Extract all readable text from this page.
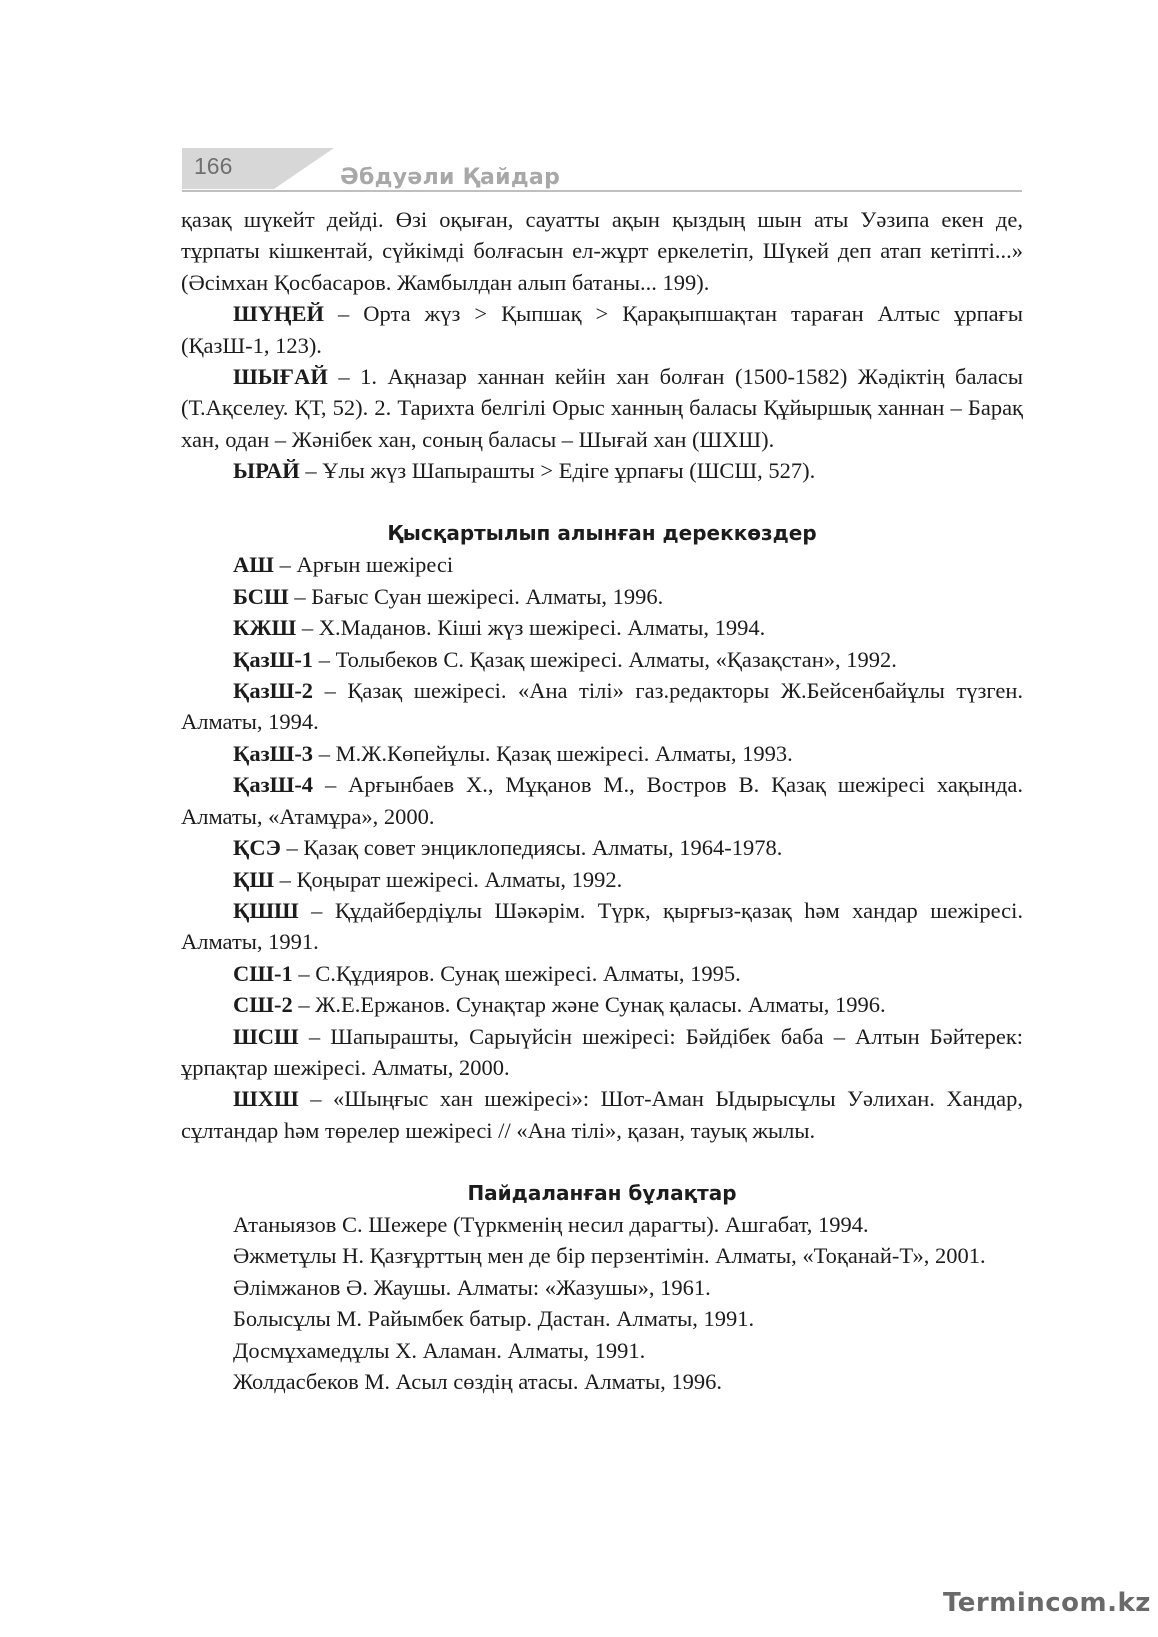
166	Әбдуәли Қайдар

қазақ шүкейт дейді. Өзі оқыған, сауатты ақын қыздың шын аты Уәзипа екен де, тұрпаты кішкентай, сүйкімді болғасын ел-жұрт еркелетіп, Шүкей деп атап кетіпті...» (Әсімхан Қосбасаров. Жамбылдан алып батаны... 199).

ШҮҢЕЙ – Орта жүз > Қыпшақ > Қарақыпшақтан тараған Алтыс ұрпағы (ҚазШ-1, 123).

ШЫҒАЙ – 1. Ақназар ханнан кейін хан болған (1500-1582) Жәдіктің баласы (Т.Ақселеу. ҚТ, 52). 2. Тарихта белгілі Орыс ханның баласы Құйыршық ханнан – Барақ хан, одан – Жәнібек хан, соның баласы – Шығай хан (ШХШ).

ЫРАЙ – Ұлы жүз Шапырашты > Едіге ұрпағы (ШСШ, 527).

Қысқартылып алынған дереккөздер

АШ – Арғын шежіресі

БСШ – Бағыс Суан шежіресі. Алматы, 1996.

КЖШ – Х.Маданов. Кіші жүз шежіресі. Алматы, 1994.

ҚазШ-1 – Толыбеков С. Қазақ шежіресі. Алматы, «Қазақстан», 1992.

ҚазШ-2 – Қазақ шежіресі. «Ана тілі» газ.редакторы Ж.Бейсенбайұлы түзген. Алматы, 1994.

ҚазШ-3 – М.Ж.Көпейұлы. Қазақ шежіресі. Алматы, 1993.

ҚазШ-4 – Арғынбаев Х., Мұқанов М., Востров В. Қазақ шежіресі хақында. Алматы, «Атамұра», 2000.

ҚСЭ – Қазақ совет энциклопедиясы. Алматы, 1964-1978.

ҚШ – Қоңырат шежіресі. Алматы, 1992.

ҚШШ – Құдайбердіұлы Шәкәрім. Түрк, қырғыз-қазақ һәм хандар шежіресі. Алматы, 1991.

СШ-1 – С.Құдияров. Сунақ шежіресі. Алматы, 1995.

СШ-2 – Ж.Е.Ержанов. Сунақтар және Сунақ қаласы. Алматы, 1996.

ШСШ – Шапырашты, Сарыүйсін шежіресі: Бәйдібек баба – Алтын Бәйтерек: ұрпақтар шежіресі. Алматы, 2000.

ШХШ – «Шыңғыс хан шежіресі»: Шот-Аман Ыдырысұлы Уәлихан. Хандар, сұлтандар һәм төрелер шежіресі // «Ана тілі», қазан, тауық жылы.

Пайдаланған бұлақтар

Атаныязов С. Шежере (Түркменің несил дарагты). Ашгабат, 1994.

Әжметұлы Н. Қазғұрттың мен де бір перзентімін. Алматы, «Тоқанай-Т», 2001.

Әлімжанов Ә. Жаушы. Алматы: «Жазушы», 1961.

Болысұлы М. Райымбек батыр. Дастан. Алматы, 1991.

Досмұхамедұлы Х. Аламан. Алматы, 1991.

Жолдасбеков М. Асыл сөздің атасы. Алматы, 1996.

Termincom.kz
